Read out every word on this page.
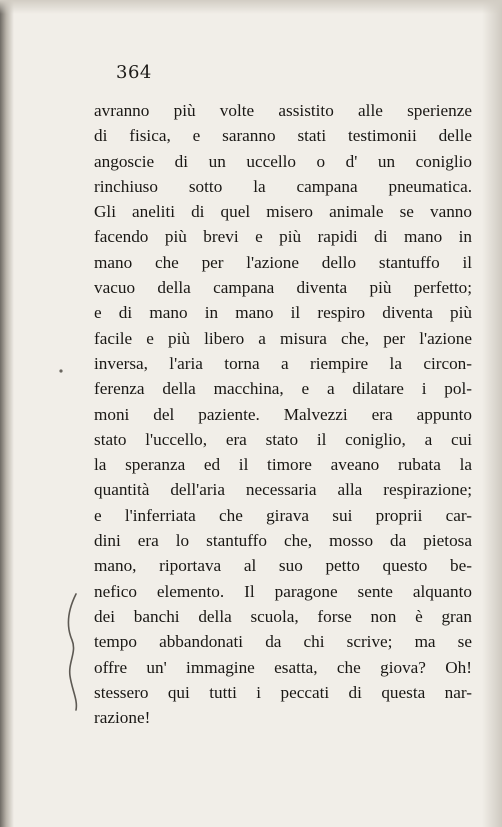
364
avranno più volte assistito alle sperienze
di fisica, e saranno stati testimonii delle
angoscie di un uccello o d' un coniglio
rinchiuso sotto la campana pneumatica.
Gli aneliti di quel misero animale se vanno
facendo più brevi e più rapidi di mano in
mano che per l'azione dello stantuffo il
vacuo della campana diventa più perfetto;
e di mano in mano il respiro diventa più
facile e più libero a misura che, per l'azione
inversa, l'aria torna a riempire la circon-
ferenza della macchina, e a dilatare i pol-
moni del paziente. Malvezzi era appunto
stato l'uccello, era stato il coniglio, a cui
la speranza ed il timore aveano rubata la
quantità dell'aria necessaria alla respirazione;
e l'inferriata che girava sui proprii car-
dini era lo stantuffo che, mosso da pietosa
mano, riportava al suo petto questo be-
nefico elemento. Il paragone sente alquanto
dei banchi della scuola, forse non è gran
tempo abbandonati da chi scrive; ma se
offre un' immagine esatta, che giova? Oh!
stessero qui tutti i peccati di questa nar-
razione!
